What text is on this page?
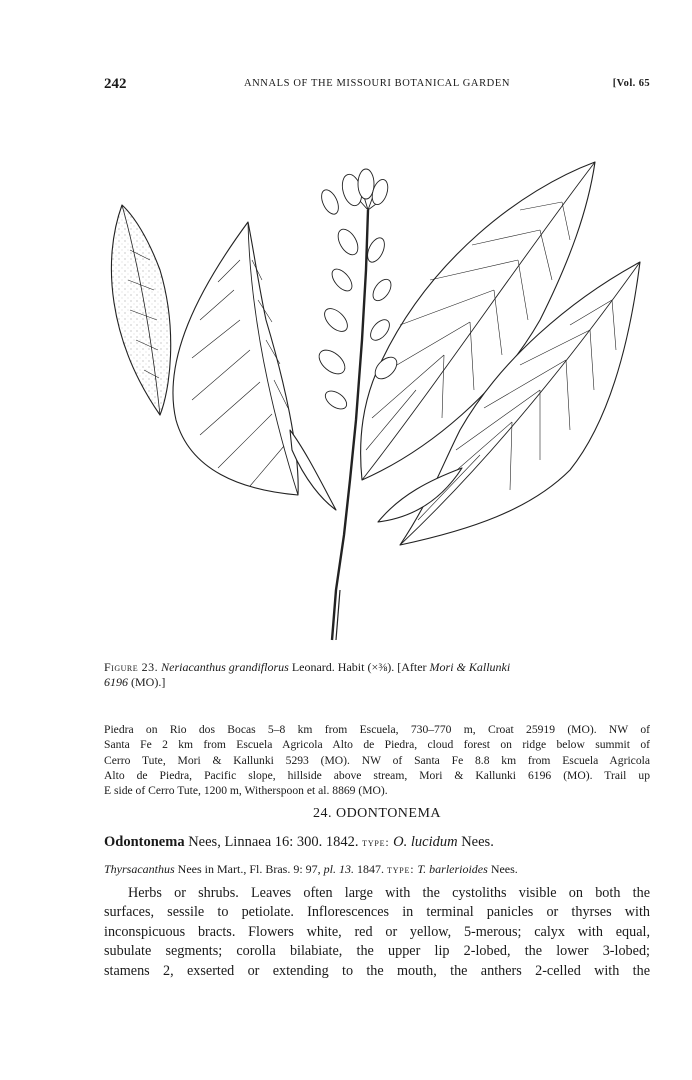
242	ANNALS OF THE MISSOURI BOTANICAL GARDEN	[Vol. 65
Figure 23. Neriacanthus grandiflorus Leonard. Habit (×⅜). [After Mori & Kallunki
6196 (MO).]
Piedra on Rio dos Bocas 5–8 km from Escuela, 730–770 m, Croat 25919 (MO). NW of
Santa Fe 2 km from Escuela Agricola Alto de Piedra, cloud forest on ridge below summit of
Cerro Tute, Mori & Kallunki 5293 (MO). NW of Santa Fe 8.8 km from Escuela Agricola
Alto de Piedra, Pacific slope, hillside above stream, Mori & Kallunki 6196 (MO). Trail up
E side of Cerro Tute, 1200 m, Witherspoon et al. 8869 (MO).
24. ODONTONEMA
Odontonema Nees, Linnaea 16: 300. 1842. type: O. lucidum Nees.
Thyrsacanthus Nees in Mart., Fl. Bras. 9: 97, pl. 13. 1847. type: T. barlerioides Nees.
Herbs or shrubs. Leaves often large with the cystoliths visible on both the
surfaces, sessile to petiolate. Inflorescences in terminal panicles or thyrses with
inconspicuous bracts. Flowers white, red or yellow, 5-merous; calyx with equal,
subulate segments; corolla bilabiate, the upper lip 2-lobed, the lower 3-lobed;
stamens 2, exserted or extending to the mouth, the anthers 2-celled with the
